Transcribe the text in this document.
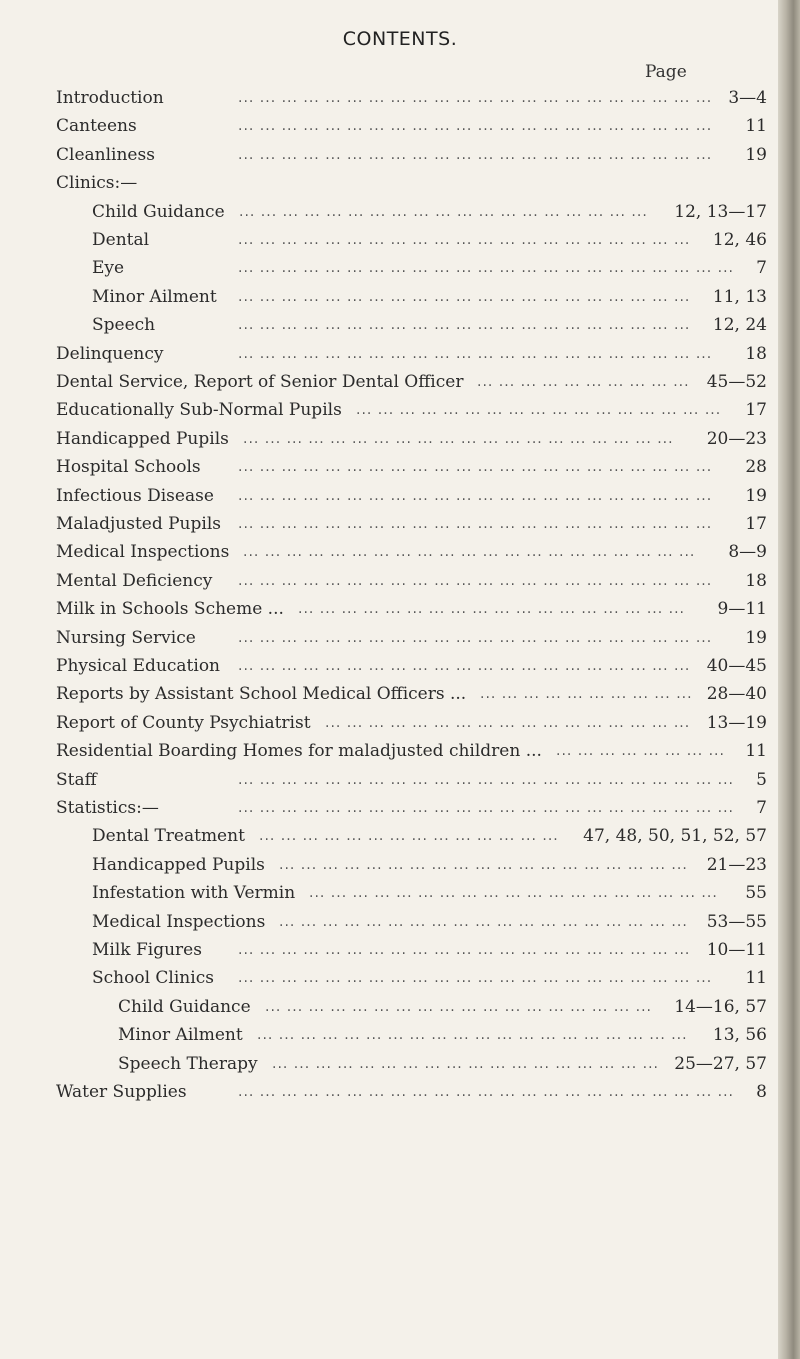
CONTENTS.
Page
Introduction	... ... ... ... ... ... ... ... ... ... ... ... ... ... ... ... ... ... ... ... ... ... 3—4
Canteens	... ... ... ... ... ... ... ... ... ... ... ... ... ... ... ... ... ... ... ... ... ... 11
Cleanliness	... ... ... ... ... ... ... ... ... ... ... ... ... ... ... ... ... ... ... ... ... ... 19
Clinics:—
Child Guidance ... ... ... ... ... ... ... ... ... ... ... ... ... ... ... ... ... ... ... 12, 13—17
Dental	... ... ... ... ... ... ... ... ... ... ... ... ... ... ... ... ... ... ... ... ... 12, 46
Eye	... ... ... ... ... ... ... ... ... ... ... ... ... ... ... ... ... ... ... ... ... ... ... 7
Minor Ailment ... ... ... ... ... ... ... ... ... ... ... ... ... ... ... ... ... ... ... ... ... 11, 13
Speech	... ... ... ... ... ... ... ... ... ... ... ... ... ... ... ... ... ... ... ... ... 12, 24
Delinquency	... ... ... ... ... ... ... ... ... ... ... ... ... ... ... ... ... ... ... ... ... ... 18
Dental Service, Report of Senior Dental Officer ... ... ... ... ... ... ... ... ... ... 45—52
Educationally Sub-Normal Pupils ... ... ... ... ... ... ... ... ... ... ... ... ... ... ... ... ... 17
Handicapped Pupils ... ... ... ... ... ... ... ... ... ... ... ... ... ... ... ... ... ... ... ... 20—23
Hospital Schools	... ... ... ... ... ... ... ... ... ... ... ... ... ... ... ... ... ... ... ... ... ... 28
Infectious Disease ... ... ... ... ... ... ... ... ... ... ... ... ... ... ... ... ... ... ... ... ... ... 19
Maladjusted Pupils ... ... ... ... ... ... ... ... ... ... ... ... ... ... ... ... ... ... ... ... ... ... 17
Medical Inspections ... ... ... ... ... ... ... ... ... ... ... ... ... ... ... ... ... ... ... ... ... 8—9
Mental Deficiency ... ... ... ... ... ... ... ... ... ... ... ... ... ... ... ... ... ... ... ... ... ... 18
Milk in Schools Scheme ... ... ... ... ... ... ... ... ... ... ... ... ... ... ... ... ... ... ... 9—11
Nursing Service	... ... ... ... ... ... ... ... ... ... ... ... ... ... ... ... ... ... ... ... ... ... 19
Physical Education ... ... ... ... ... ... ... ... ... ... ... ... ... ... ... ... ... ... ... ... ... 40—45
Reports by Assistant School Medical Officers ... ... ... ... ... ... ... ... ... ... ... 28—40
Report of County Psychiatrist ... ... ... ... ... ... ... ... ... ... ... ... ... ... ... ... ... 13—19
Residential Boarding Homes for maladjusted children ... ... ... ... ... ... ... ... ... 11
Staff	... ... ... ... ... ... ... ... ... ... ... ... ... ... ... ... ... ... ... ... ... ... ... 5
Statistics:—	... ... ... ... ... ... ... ... ... ... ... ... ... ... ... ... ... ... ... ... ... ... ... 7
Dental Treatment ... ... ... ... ... ... ... ... ... ... ... ... ... ... 47, 48, 50, 51, 52, 57
Handicapped Pupils ... ... ... ... ... ... ... ... ... ... ... ... ... ... ... ... ... ... ... 21—23
Infestation with Vermin ... ... ... ... ... ... ... ... ... ... ... ... ... ... ... ... ... ... ... 55
Medical Inspections ... ... ... ... ... ... ... ... ... ... ... ... ... ... ... ... ... ... ... 53—55
Milk Figures	... ... ... ... ... ... ... ... ... ... ... ... ... ... ... ... ... ... ... ... ... 10—11
School Clinics ... ... ... ... ... ... ... ... ... ... ... ... ... ... ... ... ... ... ... ... ... ... 11
Child Guidance ... ... ... ... ... ... ... ... ... ... ... ... ... ... ... ... ... ... 14—16, 57
Minor Ailment ... ... ... ... ... ... ... ... ... ... ... ... ... ... ... ... ... ... ... ... 13, 56
Speech Therapy ... ... ... ... ... ... ... ... ... ... ... ... ... ... ... ... ... ... 25—27, 57
Water Supplies	... ... ... ... ... ... ... ... ... ... ... ... ... ... ... ... ... ... ... ... ... ... ... 8
